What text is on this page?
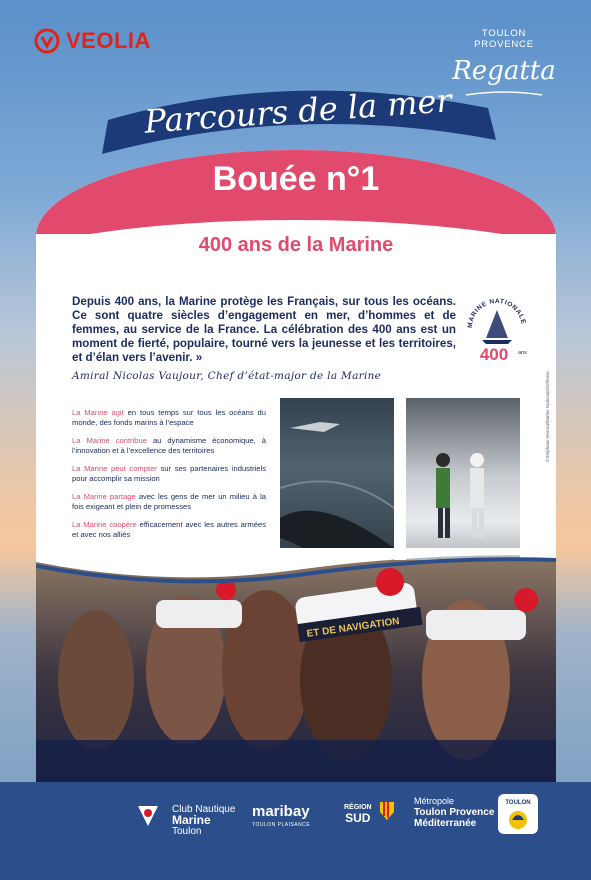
VEOLIA	TOULON PROVENCE
Regatta
Parcours de la mer
Bouée n°1
400 ans de la Marine
Depuis 400 ans, la Marine protège les Français, sur tous les océans. Ce sont quatre siècles d’engagement en mer, d’hommes et de femmes, au service de la France. La célébration des 400 ans est un moment de fierté, populaire, tourné vers la jeunesse et les territoires, et d’élan vers l’avenir. »
Amiral Nicolas Vaujour, Chef d’état-major de la Marine
MARINE NATIONALE
400 ans
La Marine agit en tous temps sur tous les océans du monde, des fonds marins à l’espace
La Marine contribue au dynamisme économique, à l’innovation et à l’excellence des territoires
La Marine peut compter sur ses partenaires industriels pour accomplir sa mission
La Marine partage avec les gens de mer un milieu à la fois exigeant et plein de promesses
La Marine coopère efficacement avec les autres armées et avec nos alliés
©Stéphane Moroni/Marine Nationale/Défense
ET DE NAVIGATION
Club Nautique
Marine
Toulon
maribay
TOULON PLAISANCE
RÉGION
SUD
Métropole
Toulon Provence
Méditerranée
TOULON
